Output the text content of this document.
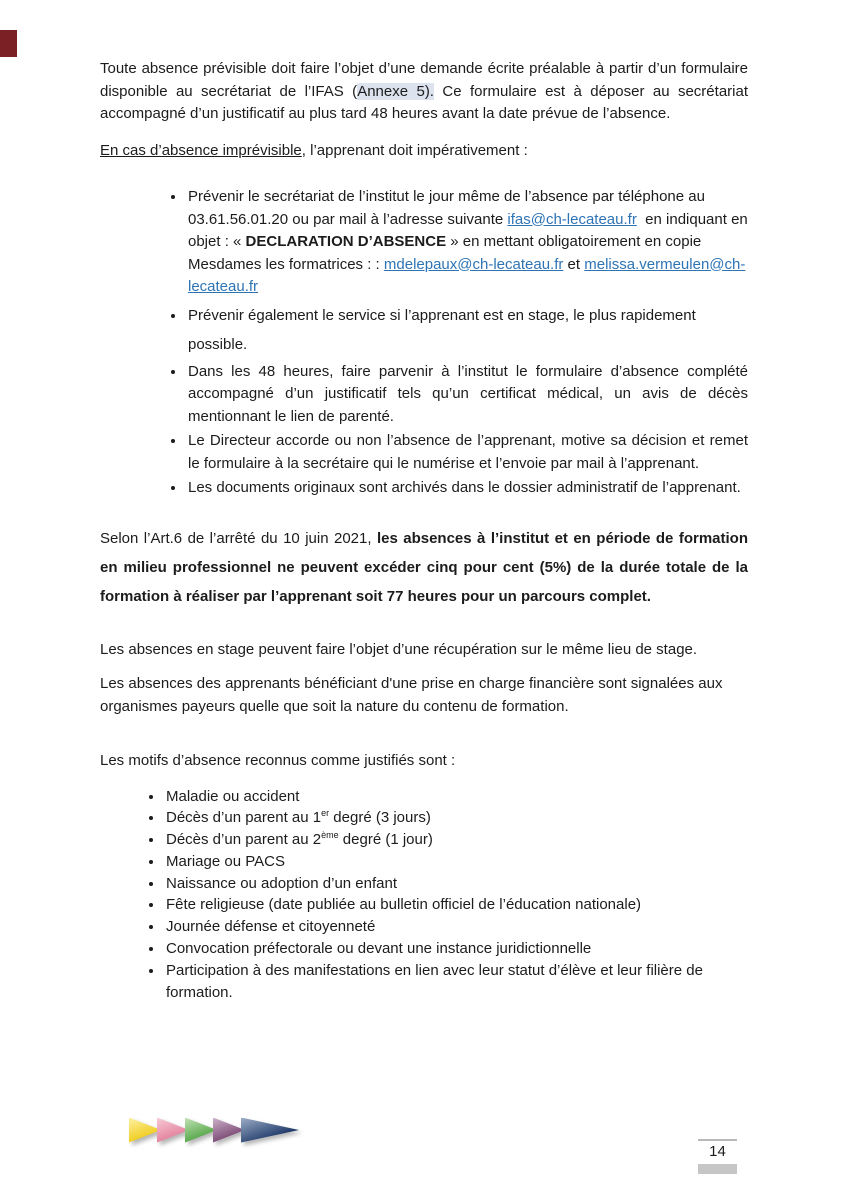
Toute absence prévisible doit faire l’objet d’une demande écrite préalable à partir d’un formulaire disponible au secrétariat de l’IFAS (Annexe 5). Ce formulaire est à déposer au secrétariat accompagné d’un justificatif au plus tard 48 heures avant la date prévue de l’absence.

En cas d’absence imprévisible, l’apprenant doit impérativement :

• Prévenir le secrétariat de l’institut le jour même de l’absence par téléphone au 03.61.56.01.20 ou par mail à l’adresse suivante ifas@ch-lecateau.fr  en indiquant en objet : « DECLARATION D’ABSENCE » en mettant obligatoirement en copie Mesdames les formatrices : : mdelepaux@ch-lecateau.fr et melissa.vermeulen@ch-lecateau.fr
• Prévenir également le service si l’apprenant est en stage, le plus rapidement possible.
• Dans les 48 heures, faire parvenir à l’institut le formulaire d’absence complété accompagné d’un justificatif tels qu’un certificat médical, un avis de décès mentionnant le lien de parenté.
• Le Directeur accorde ou non l’absence de l’apprenant, motive sa décision et remet le formulaire à la secrétaire qui le numérise et l’envoie par mail à l’apprenant.
• Les documents originaux sont archivés dans le dossier administratif de l’apprenant.

Selon l’Art.6 de l’arrêté du 10 juin 2021, les absences à l’institut et en période de formation en milieu professionnel ne peuvent excéder cinq pour cent (5%) de la durée totale de la formation à réaliser par l’apprenant soit 77 heures pour un parcours complet.

Les absences en stage peuvent faire l’objet d’une récupération sur le même lieu de stage.

Les absences des apprenants bénéficiant d'une prise en charge financière sont signalées aux organismes payeurs quelle que soit la nature du contenu de formation.

Les motifs d’absence reconnus comme justifiés sont :

• Maladie ou accident
• Décès d’un parent au 1er degré (3 jours)
• Décès d’un parent au 2ème degré (1 jour)
• Mariage ou PACS
• Naissance ou adoption d’un enfant
• Fête religieuse (date publiée au bulletin officiel de l’éducation nationale)
• Journée défense et citoyenneté
• Convocation préfectorale ou devant une instance juridictionnelle
• Participation à des manifestations en lien avec leur statut d’élève et leur filière de formation.
14
